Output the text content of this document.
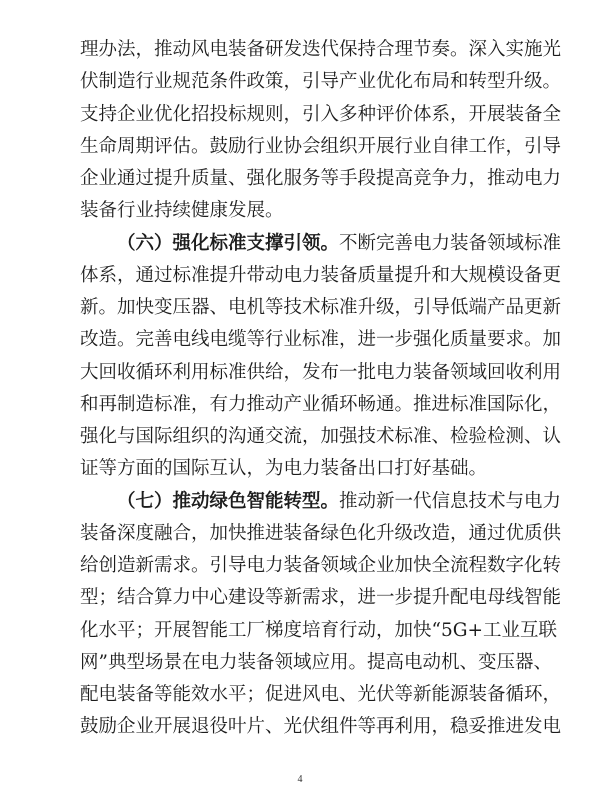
理办法，推动风电装备研发迭代保持合理节奏。深入实施光
伏制造行业规范条件政策，引导产业优化布局和转型升级。
支持企业优化招投标规则，引入多种评价体系，开展装备全
生命周期评估。鼓励行业协会组织开展行业自律工作，引导
企业通过提升质量、强化服务等手段提高竞争力，推动电力
装备行业持续健康发展。
（六）强化标准支撑引领。不断完善电力装备领域标准
体系，通过标准提升带动电力装备质量提升和大规模设备更
新。加快变压器、电机等技术标准升级，引导低端产品更新
改造。完善电线电缆等行业标准，进一步强化质量要求。加
大回收循环利用标准供给，发布一批电力装备领域回收利用
和再制造标准，有力推动产业循环畅通。推进标准国际化，
强化与国际组织的沟通交流，加强技术标准、检验检测、认
证等方面的国际互认，为电力装备出口打好基础。
（七）推动绿色智能转型。推动新一代信息技术与电力
装备深度融合，加快推进装备绿色化升级改造，通过优质供
给创造新需求。引导电力装备领域企业加快全流程数字化转
型；结合算力中心建设等新需求，进一步提升配电母线智能
化水平；开展智能工厂梯度培育行动，加快“5G+工业互联
网”典型场景在电力装备领域应用。提高电动机、变压器、
配电装备等能效水平；促进风电、光伏等新能源装备循环，
鼓励企业开展退役叶片、光伏组件等再利用，稳妥推进发电
4
